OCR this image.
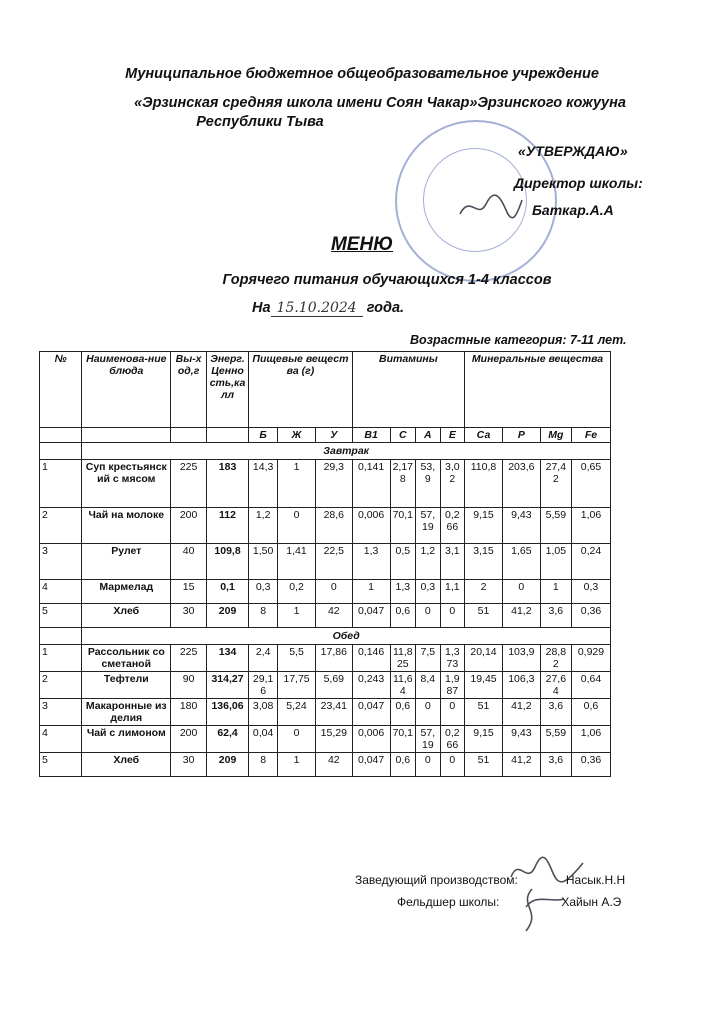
Муниципальное бюджетное общеобразовательное учреждение
«Эрзинская средняя школа имени Соян Чакар»Эрзинского кожууна
Республики Тыва
«УТВЕРЖДАЮ»
Директор школы:
Баткар.А.А
МЕНЮ
Горячего питания обучающихся 1-4 классов
На 15.10.2024 года.
Возрастные категория: 7-11 лет.
№	Наименова-ние блюда	Вы-ход,г	Энерг. Ценность,калл	Пищевые вещества (г)			Витамины				Минеральные вещества			
				Б	Ж	У	В1	С	А	Е	Са	Р	Mg	Fe
	Завтрак													
1	Суп крестьянский с мясом	225	183	14,3	1	29,3	0,141	2,178	53,9	3,02	110,8	203,6	27,42	0,65
2	Чай на молоке	200	112	1,2	0	28,6	0,006	70,1	57,19	0,266	9,15	9,43	5,59	1,06
3	Рулет	40	109,8	1,50	1,41	22,5	1,3	0,5	1,2	3,1	3,15	1,65	1,05	0,24
4	Мармелад	15	0,1	0,3	0,2	0	1	1,3	0,3	1,1	2	0	1	0,3
5	Хлеб	30	209	8	1	42	0,047	0,6	0	0	51	41,2	3,6	0,36
	Обед													
1	Рассольник со сметаной	225	134	2,4	5,5	17,86	0,146	11,825	7,5	1,373	20,14	103,9	28,82	0,929
2	Тефтели	90	314,27	29,16	17,75	5,69	0,243	11,64	8,4	1,987	19,45	106,3	27,64	0,64
3	Макаронные изделия	180	136,06	3,08	5,24	23,41	0,047	0,6	0	0	51	41,2	3,6	0,6
4	Чай с лимоном	200	62,4	0,04	0	15,29	0,006	70,1	57,19	0,266	9,15	9,43	5,59	1,06
5	Хлеб	30	209	8	1	42	0,047	0,6	0	0	51	41,2	3,6	0,36
Заведующий производством:	Насык.Н.Н
Фельдшер школы:	Хайын А.Э
